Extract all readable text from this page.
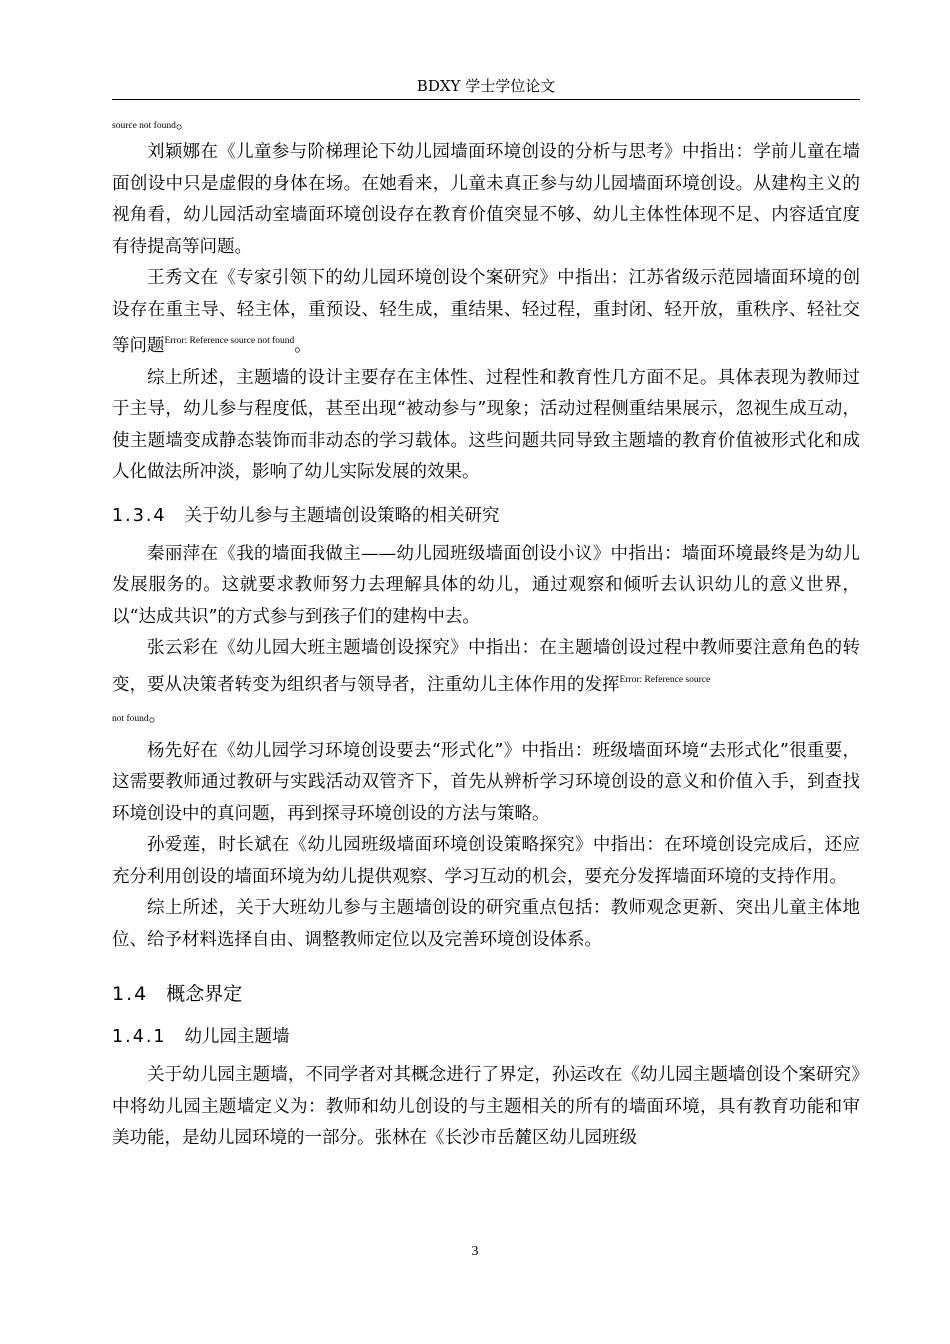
BDXY 学士学位论文

source not found。

刘颖娜在《儿童参与阶梯理论下幼儿园墙面环境创设的分析与思考》中指出：学前儿童在墙面创设中只是虚假的身体在场。在她看来，儿童未真正参与幼儿园墙面环境创设。从建构主义的视角看，幼儿园活动室墙面环境创设存在教育价值突显不够、幼儿主体性体现不足、内容适宜度有待提高等问题。

王秀文在《专家引领下的幼儿园环境创设个案研究》中指出：江苏省级示范园墙面环境的创设存在重主导、轻主体，重预设、轻生成，重结果、轻过程，重封闭、轻开放，重秩序、轻社交等问题$^{Error: Reference source not found}$。

综上所述，主题墙的设计主要存在主体性、过程性和教育性几方面不足。具体表现为教师过于主导，幼儿参与程度低，甚至出现“被动参与”现象；活动过程侧重结果展示，忽视生成互动，使主题墙变成静态装饰而非动态的学习载体。这些问题共同导致主题墙的教育价值被形式化和成人化做法所冲淡，影响了幼儿实际发展的效果。

1.3.4 关于幼儿参与主题墙创设策略的相关研究

秦丽萍在《我的墙面我做主——幼儿园班级墙面创设小议》中指出：墙面环境最终是为幼儿发展服务的。这就要求教师努力去理解具体的幼儿，通过观察和倾听去认识幼儿的意义世界，以“达成共识”的方式参与到孩子们的建构中去。

张云彩在《幼儿园大班主题墙创设探究》中指出：在主题墙创设过程中教师要注意角色的转变，要从决策者转变为组织者与领导者，注重幼儿主体作用的发挥$^{Error: Reference source}$
not found。

杨先好在《幼儿园学习环境创设要去“形式化”》中指出：班级墙面环境“去形式化”很重要，这需要教师通过教研与实践活动双管齐下，首先从辨析学习环境创设的意义和价值入手，到查找环境创设中的真问题，再到探寻环境创设的方法与策略。

孙爱莲，时长斌在《幼儿园班级墙面环境创设策略探究》中指出：在环境创设完成后，还应充分利用创设的墙面环境为幼儿提供观察、学习互动的机会，要充分发挥墙面环境的支持作用。

综上所述，关于大班幼儿参与主题墙创设的研究重点包括：教师观念更新、突出儿童主体地位、给予材料选择自由、调整教师定位以及完善环境创设体系。

1.4 概念界定
1.4.1 幼儿园主题墙

关于幼儿园主题墙，不同学者对其概念进行了界定，孙运改在《幼儿园主题墙创设个案研究》中将幼儿园主题墙定义为：教师和幼儿创设的与主题相关的所有的墙面环境，具有教育功能和审美功能，是幼儿园环境的一部分。张林在《长沙市岳麓区幼儿园班级

3
